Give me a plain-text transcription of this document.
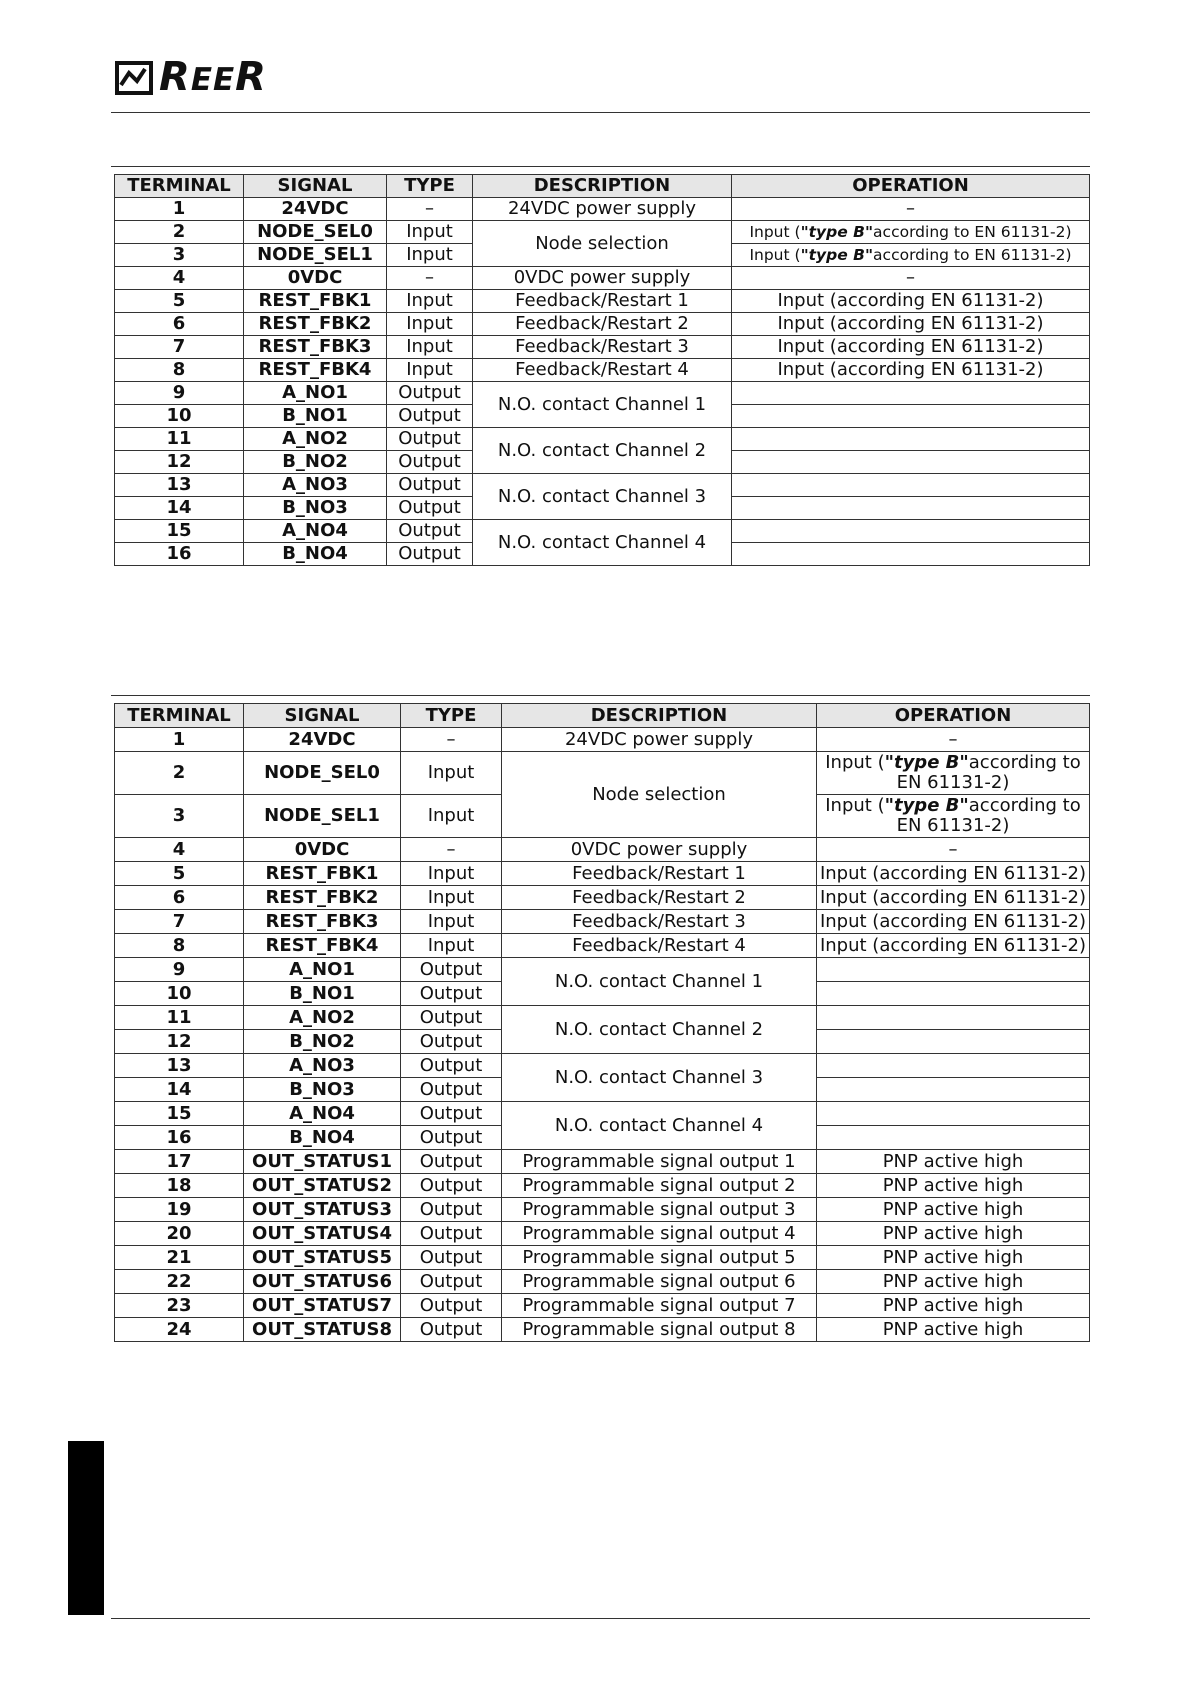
REER
TERMINAL	SIGNAL	TYPE	DESCRIPTION	OPERATION
1	24VDC	–	24VDC power supply	–
2	NODE_SEL0	Input	Node selection	Input ("type B"according to EN 61131-2)
3	NODE_SEL1	Input		Input ("type B"according to EN 61131-2)
4	0VDC	–	0VDC power supply	–
5	REST_FBK1	Input	Feedback/Restart 1	Input (according EN 61131-2)
6	REST_FBK2	Input	Feedback/Restart 2	Input (according EN 61131-2)
7	REST_FBK3	Input	Feedback/Restart 3	Input (according EN 61131-2)
8	REST_FBK4	Input	Feedback/Restart 4	Input (according EN 61131-2)
9	A_NO1	Output	N.O. contact Channel 1	
10	B_NO1	Output		
11	A_NO2	Output	N.O. contact Channel 2	
12	B_NO2	Output		
13	A_NO3	Output	N.O. contact Channel 3	
14	B_NO3	Output		
15	A_NO4	Output	N.O. contact Channel 4	
16	B_NO4	Output		
TERMINAL	SIGNAL	TYPE	DESCRIPTION	OPERATION
1	24VDC	–	24VDC power supply	–
2	NODE_SEL0	Input	Node selection	Input ("type B"according to EN 61131-2)
3	NODE_SEL1	Input		Input ("type B"according to EN 61131-2)
4	0VDC	–	0VDC power supply	–
5	REST_FBK1	Input	Feedback/Restart 1	Input (according EN 61131-2)
6	REST_FBK2	Input	Feedback/Restart 2	Input (according EN 61131-2)
7	REST_FBK3	Input	Feedback/Restart 3	Input (according EN 61131-2)
8	REST_FBK4	Input	Feedback/Restart 4	Input (according EN 61131-2)
9	A_NO1	Output	N.O. contact Channel 1	
10	B_NO1	Output		
11	A_NO2	Output	N.O. contact Channel 2	
12	B_NO2	Output		
13	A_NO3	Output	N.O. contact Channel 3	
14	B_NO3	Output		
15	A_NO4	Output	N.O. contact Channel 4	
16	B_NO4	Output		
17	OUT_STATUS1	Output	Programmable signal output 1	PNP active high
18	OUT_STATUS2	Output	Programmable signal output 2	PNP active high
19	OUT_STATUS3	Output	Programmable signal output 3	PNP active high
20	OUT_STATUS4	Output	Programmable signal output 4	PNP active high
21	OUT_STATUS5	Output	Programmable signal output 5	PNP active high
22	OUT_STATUS6	Output	Programmable signal output 6	PNP active high
23	OUT_STATUS7	Output	Programmable signal output 7	PNP active high
24	OUT_STATUS8	Output	Programmable signal output 8	PNP active high
